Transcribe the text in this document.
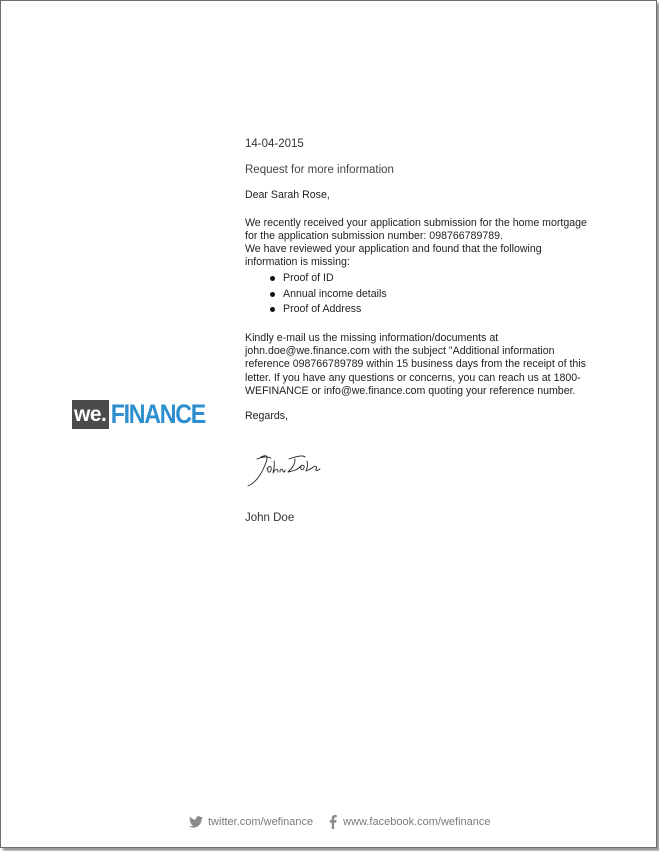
we. FINANCE

14-04-2015

Request for more information

Dear Sarah Rose,

We recently received your application submission for the home mortgage for the application submission number: 098766789789.

We have reviewed your application and found that the following information is missing:

Proof of ID
Annual income details
Proof of Address

Kindly e-mail us the missing information/documents at john.doe@we.finance.com with the subject "Additional information reference 098766789789 within 15 business days from the receipt of this letter. If you have any questions or concerns, you can reach us at 1800-WEFINANCE or info@we.finance.com quoting your reference number.

Regards,

John Doe
twitter.com/wefinance	www.facebook.com/wefinance
